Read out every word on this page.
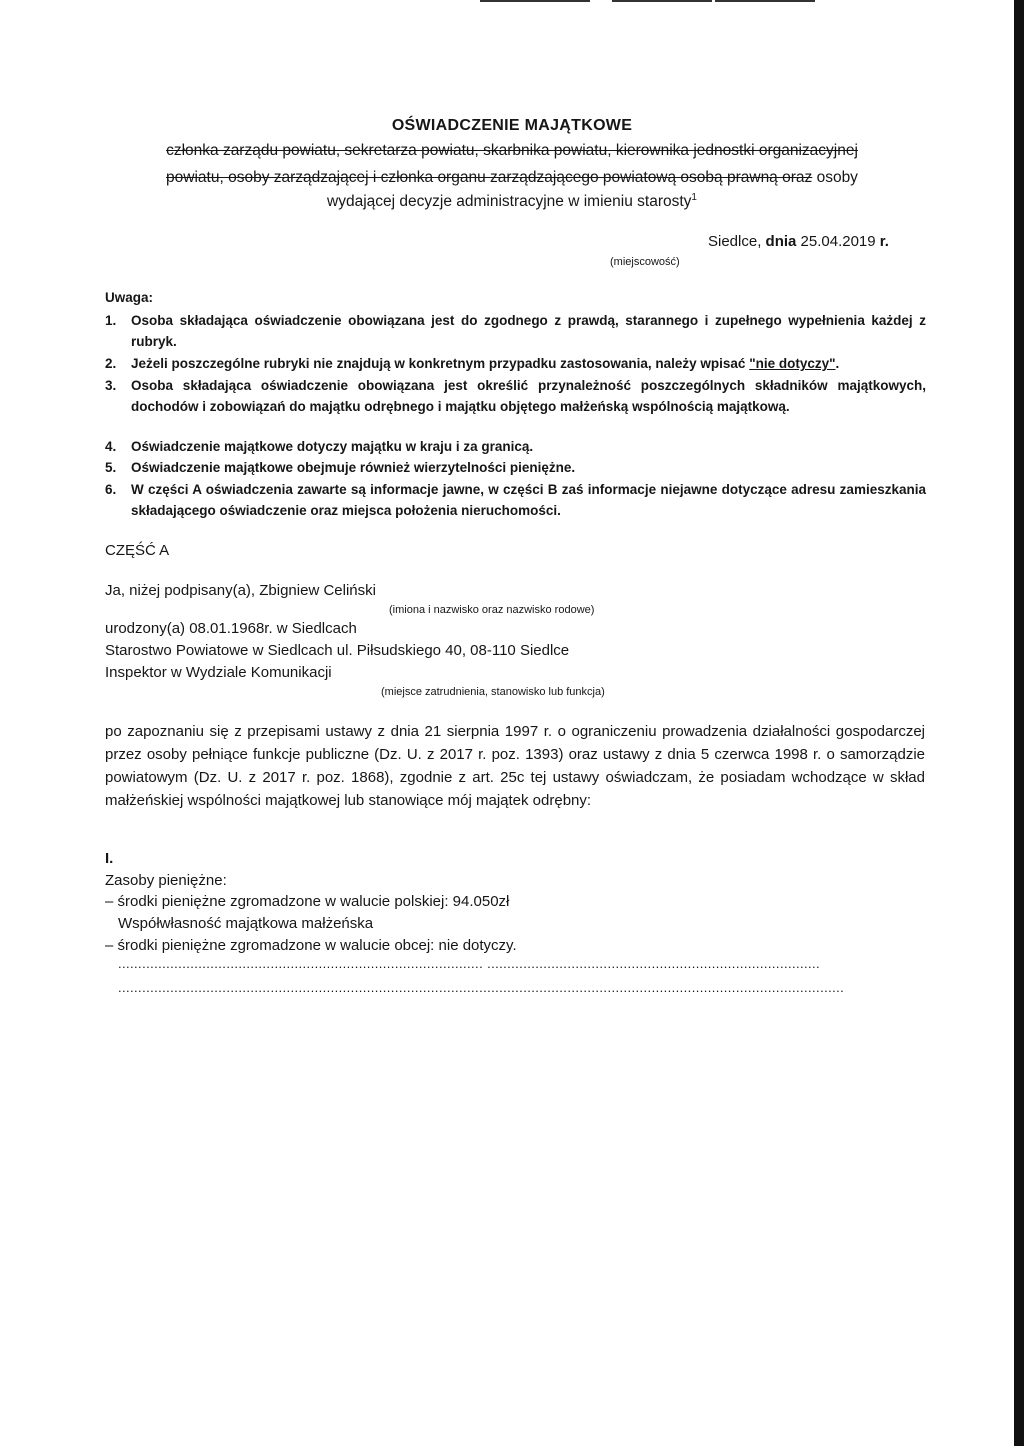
OŚWIADCZENIE MAJĄTKOWE
członka zarządu powiatu, sekretarza powiatu, skarbnika powiatu, kierownika jednostki organizacyjnej
powiatu, osoby zarządzającej i członka organu zarządzającego powiatową osobą prawną oraz osoby
wydającej decyzje administracyjne w imieniu starosty$^1$
Siedlce, dnia 25.04.2019 r.
(miejscowość)
Uwaga:
1. Osoba składająca oświadczenie obowiązana jest do zgodnego z prawdą, starannego i zupełnego wypełnienia każdej z rubryk.
2. Jeżeli poszczególne rubryki nie znajdują w konkretnym przypadku zastosowania, należy wpisać "nie dotyczy".
3. Osoba składająca oświadczenie obowiązana jest określić przynależność poszczególnych składników majątkowych, dochodów i zobowiązań do majątku odrębnego i majątku objętego małżeńską wspólnością majątkową.
4. Oświadczenie majątkowe dotyczy majątku w kraju i za granicą.
5. Oświadczenie majątkowe obejmuje również wierzytelności pieniężne.
6. W części A oświadczenia zawarte są informacje jawne, w części B zaś informacje niejawne dotyczące adresu zamieszkania składającego oświadczenie oraz miejsca położenia nieruchomości.
CZĘŚĆ A
Ja, niżej podpisany(a), Zbigniew Celiński
(imiona i nazwisko oraz nazwisko rodowe)
urodzony(a) 08.01.1968r. w Siedlcach
Starostwo Powiatowe w Siedlcach ul. Piłsudskiego 40, 08-110 Siedlce
Inspektor w Wydziale Komunikacji
(miejsce zatrudnienia, stanowisko lub funkcja)
po zapoznaniu się z przepisami ustawy z dnia 21 sierpnia 1997 r. o ograniczeniu prowadzenia działalności gospodarczej przez osoby pełniące funkcje publiczne (Dz. U. z 2017 r. poz. 1393) oraz ustawy z dnia 5 czerwca 1998 r. o samorządzie powiatowym (Dz. U. z 2017 r. poz. 1868), zgodnie z art. 25c tej ustawy oświadczam, że posiadam wchodzące w skład małżeńskiej wspólności majątkowej lub stanowiące mój majątek odrębny:
I.
Zasoby pieniężne:
– środki pieniężne zgromadzone w walucie polskiej: 94.050zł
Współwłasność majątkowa małżeńska
– środki pieniężne zgromadzone w walucie obcej: nie dotyczy.
........................................................................................... ...................................................................................
.....................................................................................................................................................................................
